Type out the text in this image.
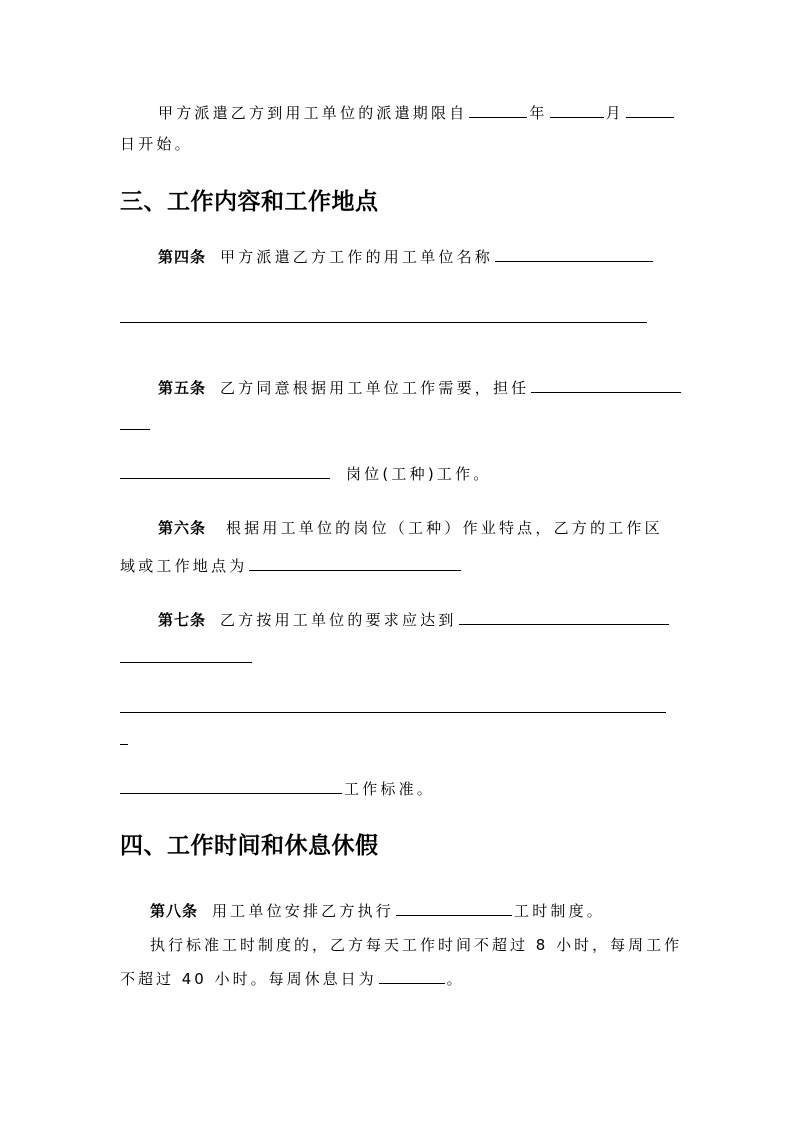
甲方派遣乙方到用工单位的派遣期限自	年	月
日开始。
三、工作内容和工作地点
第四条 甲方派遣乙方工作的用工单位名称
第五条 乙方同意根据用工单位工作需要，担任
岗位(工种)工作。
第六条 根据用工单位的岗位（工种）作业特点，乙方的工作区
域或工作地点为
第七条 乙方按用工单位的要求应达到
工作标准。
四、工作时间和休息休假
第八条 用工单位安排乙方执行	工时制度。
执行标准工时制度的，乙方每天工作时间不超过 8 小时，每周工作
不超过 40 小时。每周休息日为	。
